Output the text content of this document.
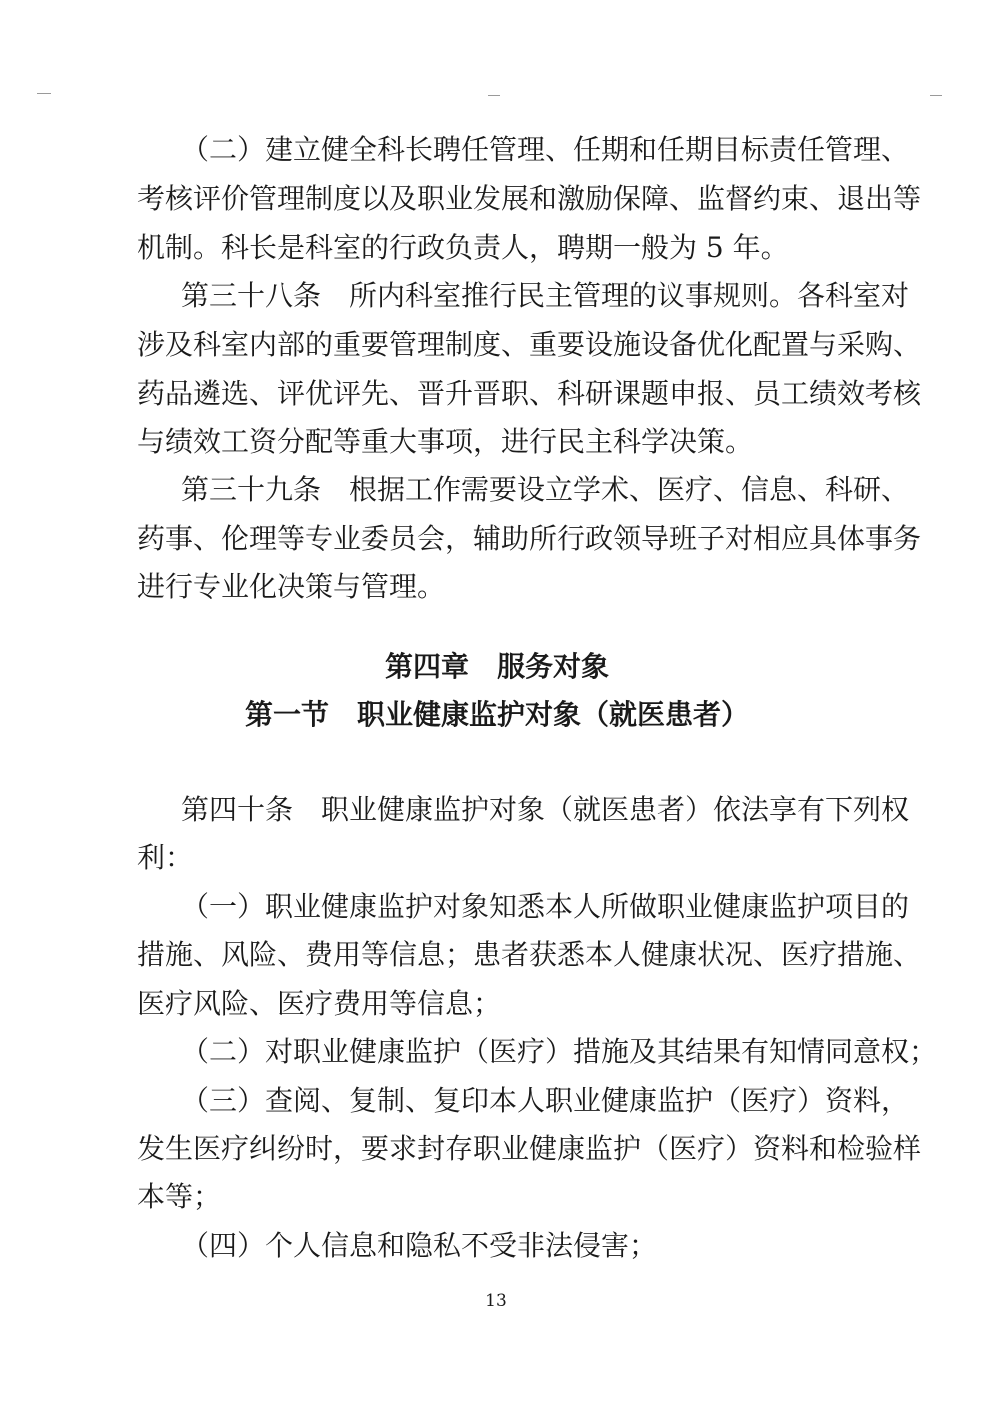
（二）建立健全科长聘任管理、任期和任期目标责任管理、
考核评价管理制度以及职业发展和激励保障、监督约束、退出等
机制。科长是科室的行政负责人，聘期一般为 5 年。
第三十八条　所内科室推行民主管理的议事规则。各科室对
涉及科室内部的重要管理制度、重要设施设备优化配置与采购、
药品遴选、评优评先、晋升晋职、科研课题申报、员工绩效考核
与绩效工资分配等重大事项，进行民主科学决策。
第三十九条　根据工作需要设立学术、医疗、信息、科研、
药事、伦理等专业委员会，辅助所行政领导班子对相应具体事务
进行专业化决策与管理。
第四章　服务对象
第一节　职业健康监护对象（就医患者）
第四十条　职业健康监护对象（就医患者）依法享有下列权
利：
（一）职业健康监护对象知悉本人所做职业健康监护项目的
措施、风险、费用等信息；患者获悉本人健康状况、医疗措施、
医疗风险、医疗费用等信息；
（二）对职业健康监护（医疗）措施及其结果有知情同意权；
（三）查阅、复制、复印本人职业健康监护（医疗）资料，
发生医疗纠纷时，要求封存职业健康监护（医疗）资料和检验样
本等；
（四）个人信息和隐私不受非法侵害；
13
